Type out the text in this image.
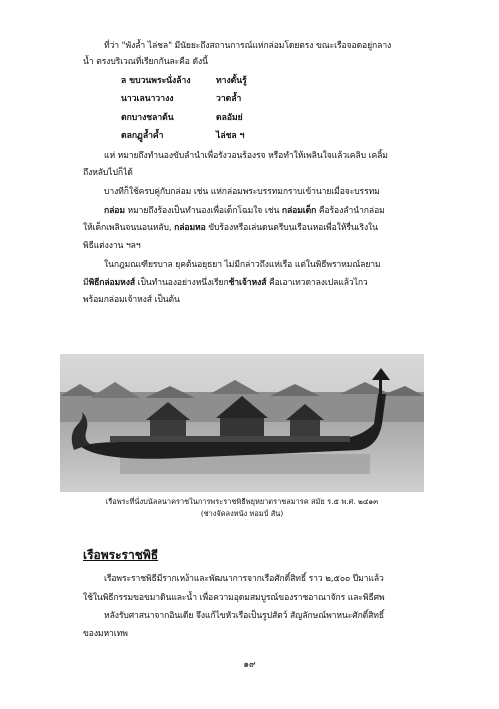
ที่ว่า "พังล้ำ ไล่ชล" มีนัยยะถึงสถานการณ์แห่กล่อมโดยตรง ขณะเรือจอดอยู่กลาง
น้ำ ตรงบริเวณที่เรียกกันละคือ ดังนี้
ล ขบวนพระนั่งล้าง	ทางดั้นรู้
นาวเลนาวางง	วาดล้ำ
ตกบางชลาต้น	ดลอัมย่
ตลกฏูล้ำค้ำ	ไล่ชล ฯ
แห่ หมายถึงทำนองขับลำนำเพื่อรังวอนร้องรจ หรือทำให้เพลินใจแล้วเคลิบ เคลิ้ม
ถึงหลับไปก็ได้
บางทีก็ใช้ครบคู่กับกล่อม เช่น แห่กล่อมพระบรรทมกราบเข้านายเมื่อจะบรรทม
กล่อม หมายถึงร้องเป็นทำนองเพื่อเด็กโฉมใจ เช่น กล่อมเด็ก คือร้องลำนำกล่อม
ให้เด็กเพลินจนนอนหลับ, กล่อมหอ ขับร้องหรือเล่นดนตรีบนเรือนหอเพื่อให้รื่นเริงใน
พิธีแต่งงาน ฯลฯ
ในกฎมณเฑียรบาล ยุคต้นอยุธยา ไม่มีกล่าวถึงแห่เรือ แต่ในพิธีพราหมณ์ลยาม
มีพิธีกล่อมหงส์ เป็นทำนองอย่างหนึ่งเรียกช้าเจ้าหงส์ คือเอาเทวดาลงเปลแล้วไกว
พร้อมกล่อมเจ้าหงส์ เป็นต้น
เรือพระที่นั่งบนัลลนาคราชในการพระราชพิธีพยุหยาตราชลมารค สมัย ร.๕ พ.ศ. ๒๔๑๓
(ช่างจัดลงหนัง ทอมป์ สัน)
เรือพระราชพิธี
เรือพระราชพิธีมีรากเหง้าและพัฒนาการจากเรือศักดิ์สิทธิ์ ราว ๒,๕๐๐ ปีมาแล้ว
ใช้ในพิธีกรรมขอขมาดินและน้ำ เพื่อความอุดมสมบูรณ์ของราชอาณาจักร และพิธีศพ
หลังรับศาสนาจากอินเดีย จึงแก้ไขหัวเรือเป็นรูปสัตว์ สัญลักษณ์พาหนะศักดิ์สิทธิ์
ของมหาเทพ
๑๙
